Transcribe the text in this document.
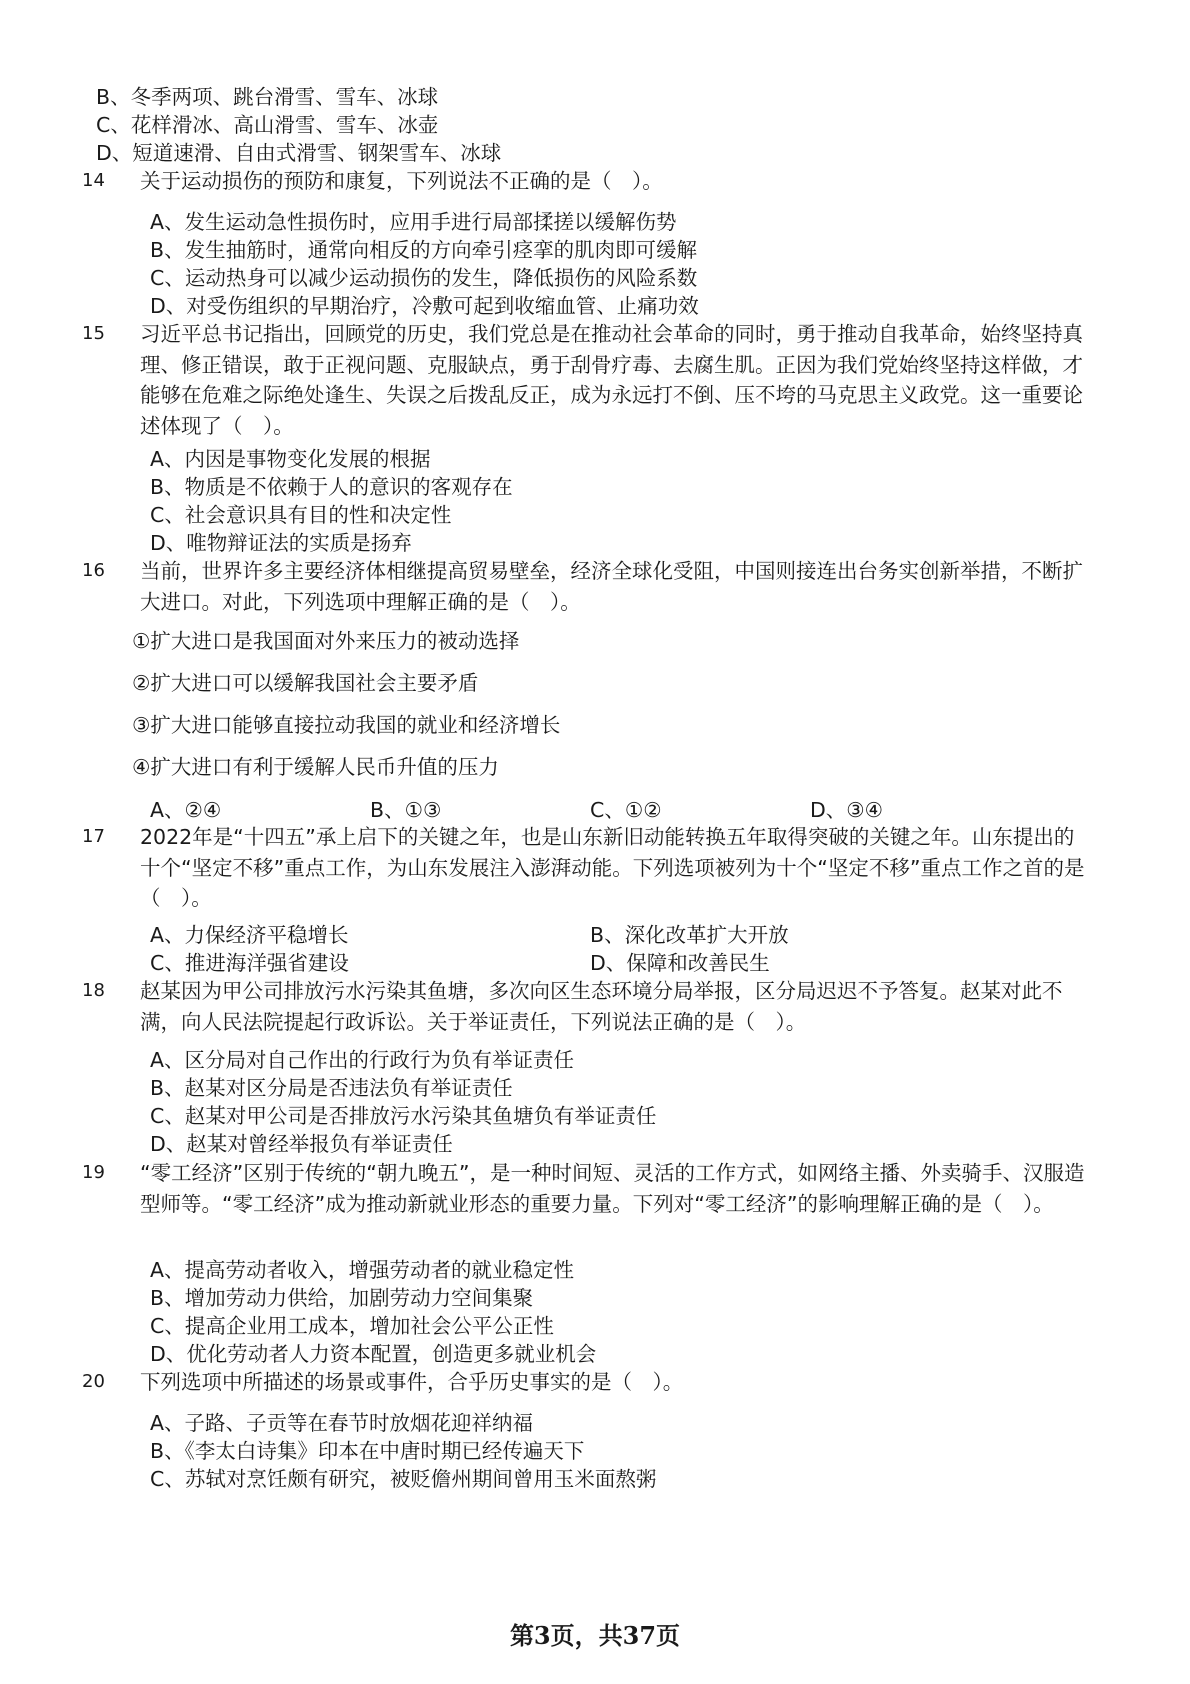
B、冬季两项、跳台滑雪、雪车、冰球
C、花样滑冰、高山滑雪、雪车、冰壶
D、短道速滑、自由式滑雪、钢架雪车、冰球
14 关于运动损伤的预防和康复，下列说法不正确的是（　）。
A、发生运动急性损伤时，应用手进行局部揉搓以缓解伤势
B、发生抽筋时，通常向相反的方向牵引痉挛的肌肉即可缓解
C、运动热身可以减少运动损伤的发生，降低损伤的风险系数
D、对受伤组织的早期治疗，冷敷可起到收缩血管、止痛功效
15 习近平总书记指出，回顾党的历史，我们党总是在推动社会革命的同时，勇于推动自我革命，始终坚持真理、修正错误，敢于正视问题、克服缺点，勇于刮骨疗毒、去腐生肌。正因为我们党始终坚持这样做，才能够在危难之际绝处逢生、失误之后拨乱反正，成为永远打不倒、压不垮的马克思主义政党。这一重要论述体现了（　）。
A、内因是事物变化发展的根据
B、物质是不依赖于人的意识的客观存在
C、社会意识具有目的性和决定性
D、唯物辩证法的实质是扬弃
16 当前，世界许多主要经济体相继提高贸易壁垒，经济全球化受阻，中国则接连出台务实创新举措，不断扩大进口。对此，下列选项中理解正确的是（　）。
①扩大进口是我国面对外来压力的被动选择
②扩大进口可以缓解我国社会主要矛盾
③扩大进口能够直接拉动我国的就业和经济增长
④扩大进口有利于缓解人民币升值的压力
A、②④	B、①③	C、①②	D、③④
17 2022年是“十四五”承上启下的关键之年，也是山东新旧动能转换五年取得突破的关键之年。山东提出的十个“坚定不移”重点工作，为山东发展注入澎湃动能。下列选项被列为十个“坚定不移”重点工作之首的是（　）。
A、力保经济平稳增长	B、深化改革扩大开放
C、推进海洋强省建设	D、保障和改善民生
18 赵某因为甲公司排放污水污染其鱼塘，多次向区生态环境分局举报，区分局迟迟不予答复。赵某对此不满，向人民法院提起行政诉讼。关于举证责任，下列说法正确的是（　）。
A、区分局对自己作出的行政行为负有举证责任
B、赵某对区分局是否违法负有举证责任
C、赵某对甲公司是否排放污水污染其鱼塘负有举证责任
D、赵某对曾经举报负有举证责任
19 “零工经济”区别于传统的“朝九晚五”，是一种时间短、灵活的工作方式，如网络主播、外卖骑手、汉服造型师等。“零工经济”成为推动新就业形态的重要力量。下列对“零工经济”的影响理解正确的是（　）。
A、提高劳动者收入，增强劳动者的就业稳定性
B、增加劳动力供给，加剧劳动力空间集聚
C、提高企业用工成本，增加社会公平公正性
D、优化劳动者人力资本配置，创造更多就业机会
20 下列选项中所描述的场景或事件，合乎历史事实的是（　）。
A、子路、子贡等在春节时放烟花迎祥纳福
B、《李太白诗集》印本在中唐时期已经传遍天下
C、苏轼对烹饪颇有研究，被贬儋州期间曾用玉米面熬粥
第3页，共37页
